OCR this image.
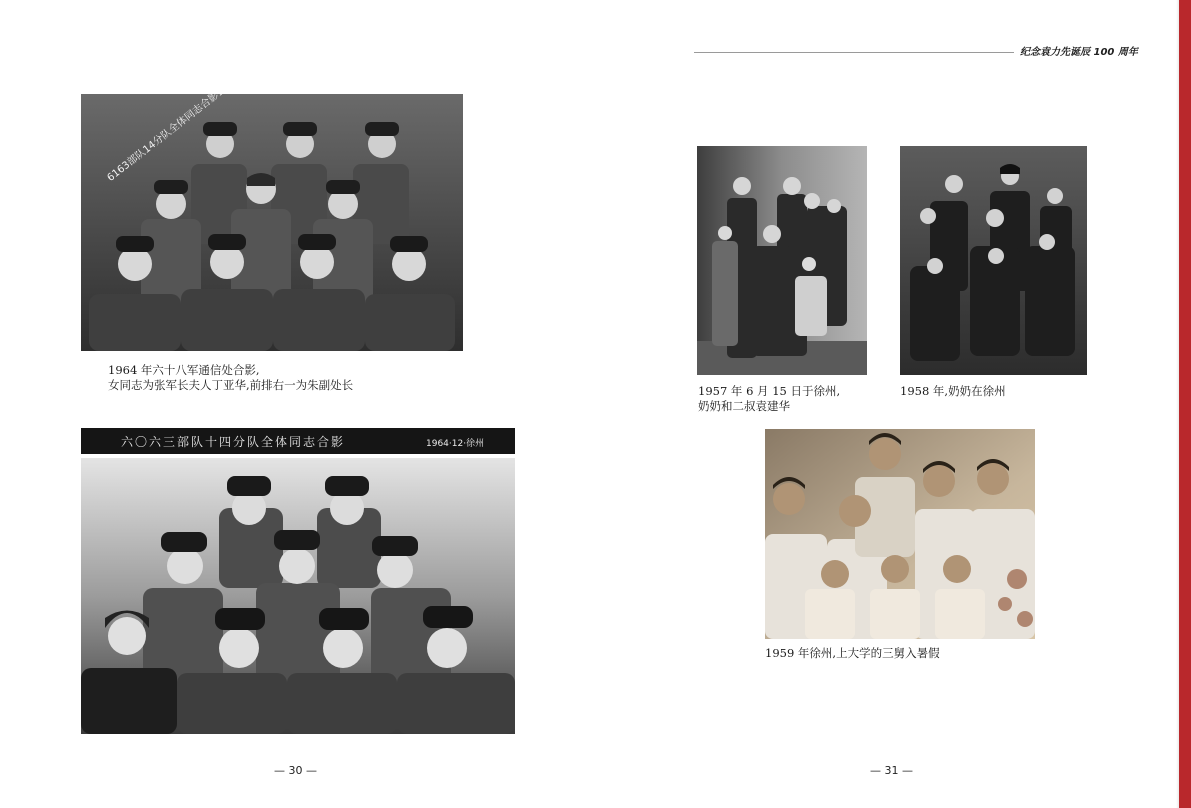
1964 年六十八军通信处合影,
女同志为张军长夫人丁亚华,前排右一为朱副处长
六〇六三部队十四分队全体同志合影	1964·12·徐州
— 30 —
纪念袁力先诞辰 100 周年
1957 年 6 月 15 日于徐州,
奶奶和二叔袁建华
1958 年,奶奶在徐州
1959 年徐州,上大学的三舅入暑假
— 31 —
